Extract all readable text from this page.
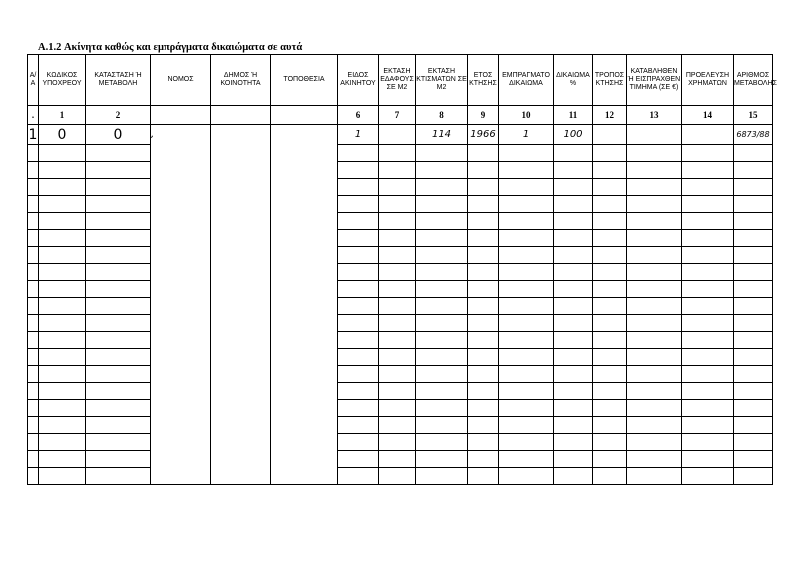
A.1.2 Ακίνητα καθώς και εμπράγματα δικαιώματα σε αυτά
Α/Α	ΚΩΔΙΚΟΣ ΥΠΟΧΡΕΟΥ	ΚΑΤΑΣΤΑΣΗ Ή ΜΕΤΑΒΟΛΗ	ΝΟΜΟΣ	ΔΗΜΟΣ Ή ΚΟΙΝΟΤΗΤΑ	ΤΟΠΟΘΕΣΙΑ	ΕΙΔΟΣ ΑΚΙΝΗΤΟΥ	ΕΚΤΑΣΗ ΕΔΑΦΟΥΣ ΣΕ Μ2	ΕΚΤΑΣΗ ΚΤΙΣΜΑΤΩΝ ΣΕ Μ2	ΕΤΟΣ ΚΤΗΣΗΣ	ΕΜΠΡΑΓΜΑΤΟ ΔΙΚΑΙΩΜΑ	ΔΙΚΑΙΩΜΑ %	ΤΡΟΠΟΣ ΚΤΗΣΗΣ	ΚΑΤΑΒΛΗΘΕΝ Ή ΕΙΣΠΡΑΧΘΕΝ ΤΙΜΗΜΑ (ΣΕ €)	ΠΡΟΕΛΕΥΣΗ ΧΡΗΜΑΤΩΝ	ΑΡΙΘΜΟΣ ΜΕΤΑΒΟΛΗΣ
.	1	2				6	7	8	9	10	11	12	13	14	15
1	0	0	,			1		114	1966	1	100				6873/88
